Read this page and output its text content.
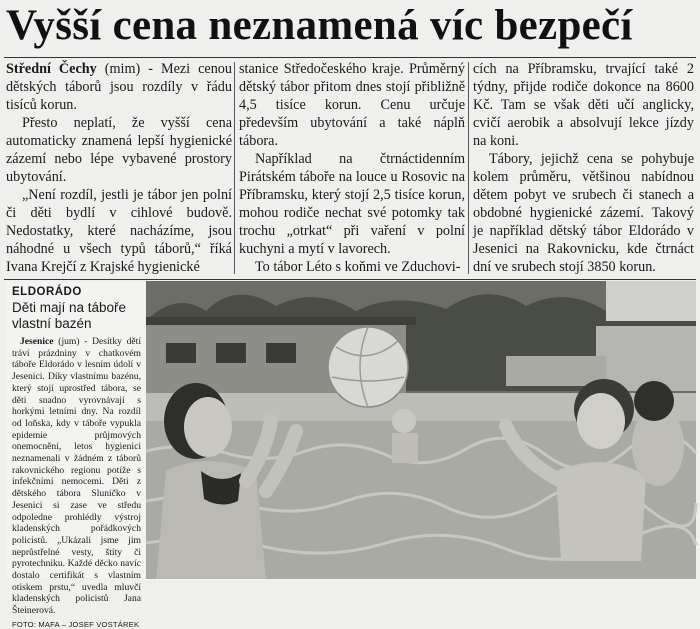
Vyšší cena neznamená víc bezpečí

Střední Čechy (mim) - Mezi cenou dětských táborů jsou rozdíly v řádu tisíců korun.

Přesto neplatí, že vyšší cena automaticky znamená lepší hygienické zázemí nebo lépe vybavené prostory ubytování.

„Není rozdíl, jestli je tábor jen polní či děti bydlí v cihlové budově. Nedostatky, které nacházíme, jsou náhodné u všech typů táborů,“ říká Ivana Krejčí z Krajské hygienické

stanice Středočeského kraje. Průměrný dětský tábor přitom dnes stojí přibližně 4,5 tisíce korun. Cenu určuje především ubytování a také náplň tábora.

Například na čtrnáctidenním Pirátském táboře na louce u Rosovic na Příbramsku, který stojí 2,5 tisíce korun, mohou rodiče nechat své potomky tak trochu „otrkat“ při vaření v polní kuchyni a mytí v lavorech.

To tábor Léto s koňmi ve Zduchovi-

cích na Příbramsku, trvající také 2 týdny, přijde rodiče dokonce na 8600 Kč. Tam se však děti učí anglicky, cvičí aerobik a absolvují lekce jízdy na koni.

Tábory, jejichž cena se pohybuje kolem průměru, většinou nabídnou dětem pobyt ve srubech či stanech a obdobné hygienické zázemí. Takový je například dětský tábor Eldorádo v Jesenici na Rakovnicku, kde čtrnáct dní ve srubech stojí 3850 korun.

ELDORÁDO
Děti mají na táboře vlastní bazén

Jesenice (jum) - Desítky dětí tráví prázdniny v chatkovém táboře Eldorádo v lesním údolí v Jesenici. Díky vlastnímu bazénu, který stojí uprostřed tábora, se děti snadno vyrovnávají s horkými letními dny. Na rozdíl od loňska, kdy v táboře vypukla epidemie průjmových onemocnění, letos hygienici neznamenali v žádném z táborů rakovnického regionu potíže s infekčními nemocemi. Děti z dětského tábora Sluníčko v Jesenici si zase ve středu odpoledne prohlédly výstroj kladenských pořádkových policistů. „Ukázali jsme jim neprůstřelné vesty, štíty či pyrotechniku. Každé děcko navíc dostalo certifikát s vlastním otiskem prstu,“ uvedla mluvčí kladenských policistů Jana Šteinerová.

FOTO: MAFA – JOSEF VOSTÁREK
